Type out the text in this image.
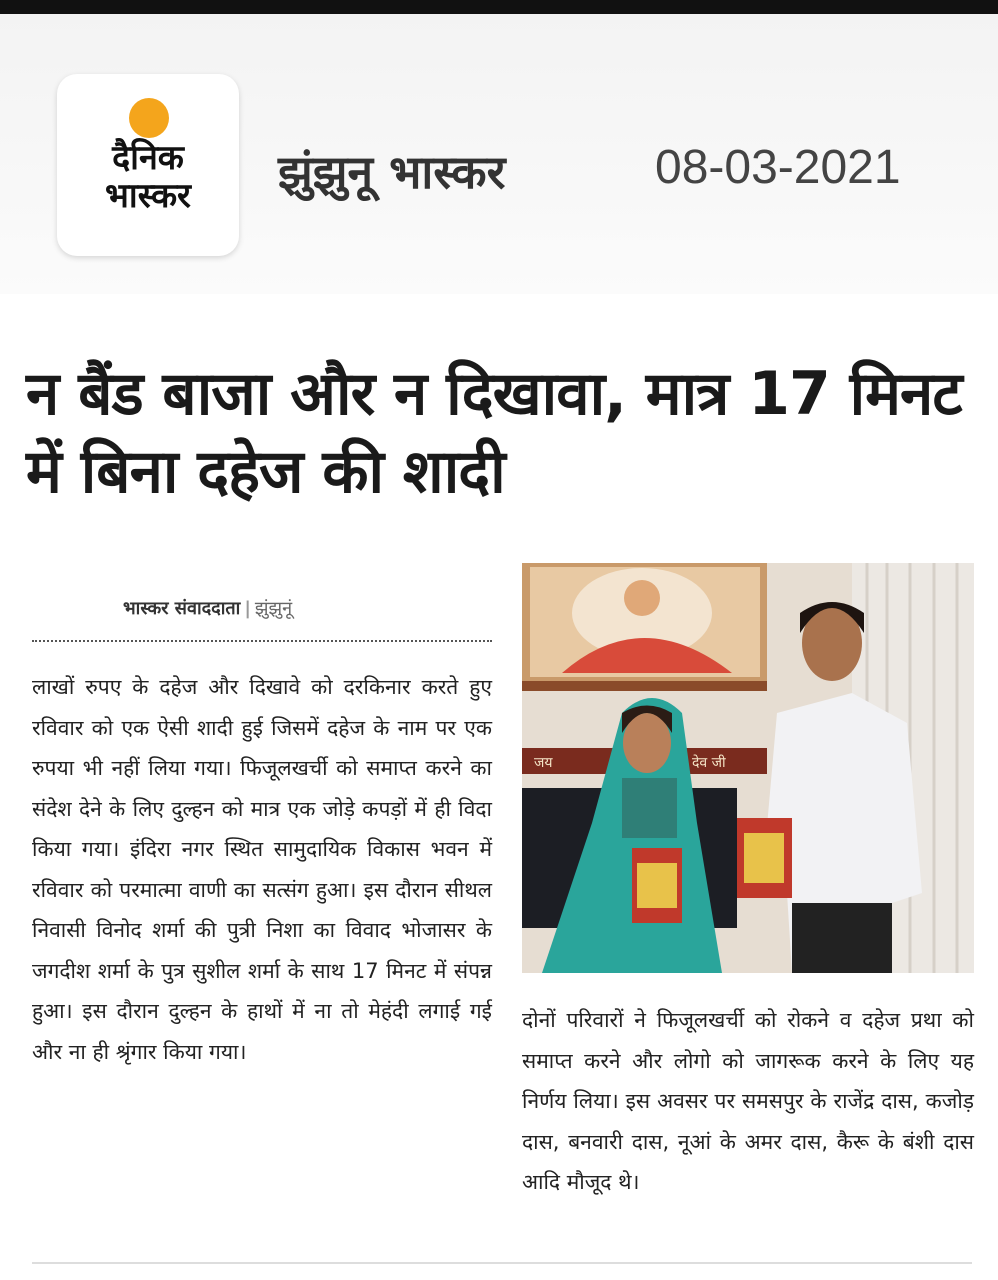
दैनिक
भास्कर	झुंझुनू भास्कर	08-03-2021
न बैंड बाजा और न दिखावा, मात्र 17 मिनट में बिना दहेज की शादी
भास्कर संवाददाता | झुंझुनूं

लाखों रुपए के दहेज और दिखावे को दरकिनार करते हुए रविवार को एक ऐसी शादी हुई जिसमें दहेज के नाम पर एक रुपया भी नहीं लिया गया। फिजूलखर्ची को समाप्त करने का संदेश देने के लिए दुल्हन को मात्र एक जोड़े कपड़ों में ही विदा किया गया। इंदिरा नगर स्थित सामुदायिक विकास भवन में रविवार को परमात्मा वाणी का सत्संग हुआ। इस दौरान सीथल निवासी विनोद शर्मा की पुत्री निशा का विवाद भोजासर के जगदीश शर्मा के पुत्र सुशील शर्मा के साथ 17 मिनट में संपन्न हुआ। इस दौरान दुल्हन के हाथों में ना तो मेहंदी लगाई गई और ना ही श्रृंगार किया गया।

जय	देव जी

दोनों परिवारों ने फिजूलखर्ची को रोकने व दहेज प्रथा को समाप्त करने और लोगो को जागरूक करने के लिए यह निर्णय लिया। इस अवसर पर समसपुर के राजेंद्र दास, कजोड़ दास, बनवारी दास, नूआं के अमर दास, कैरू के बंशी दास आदि मौजूद थे।
